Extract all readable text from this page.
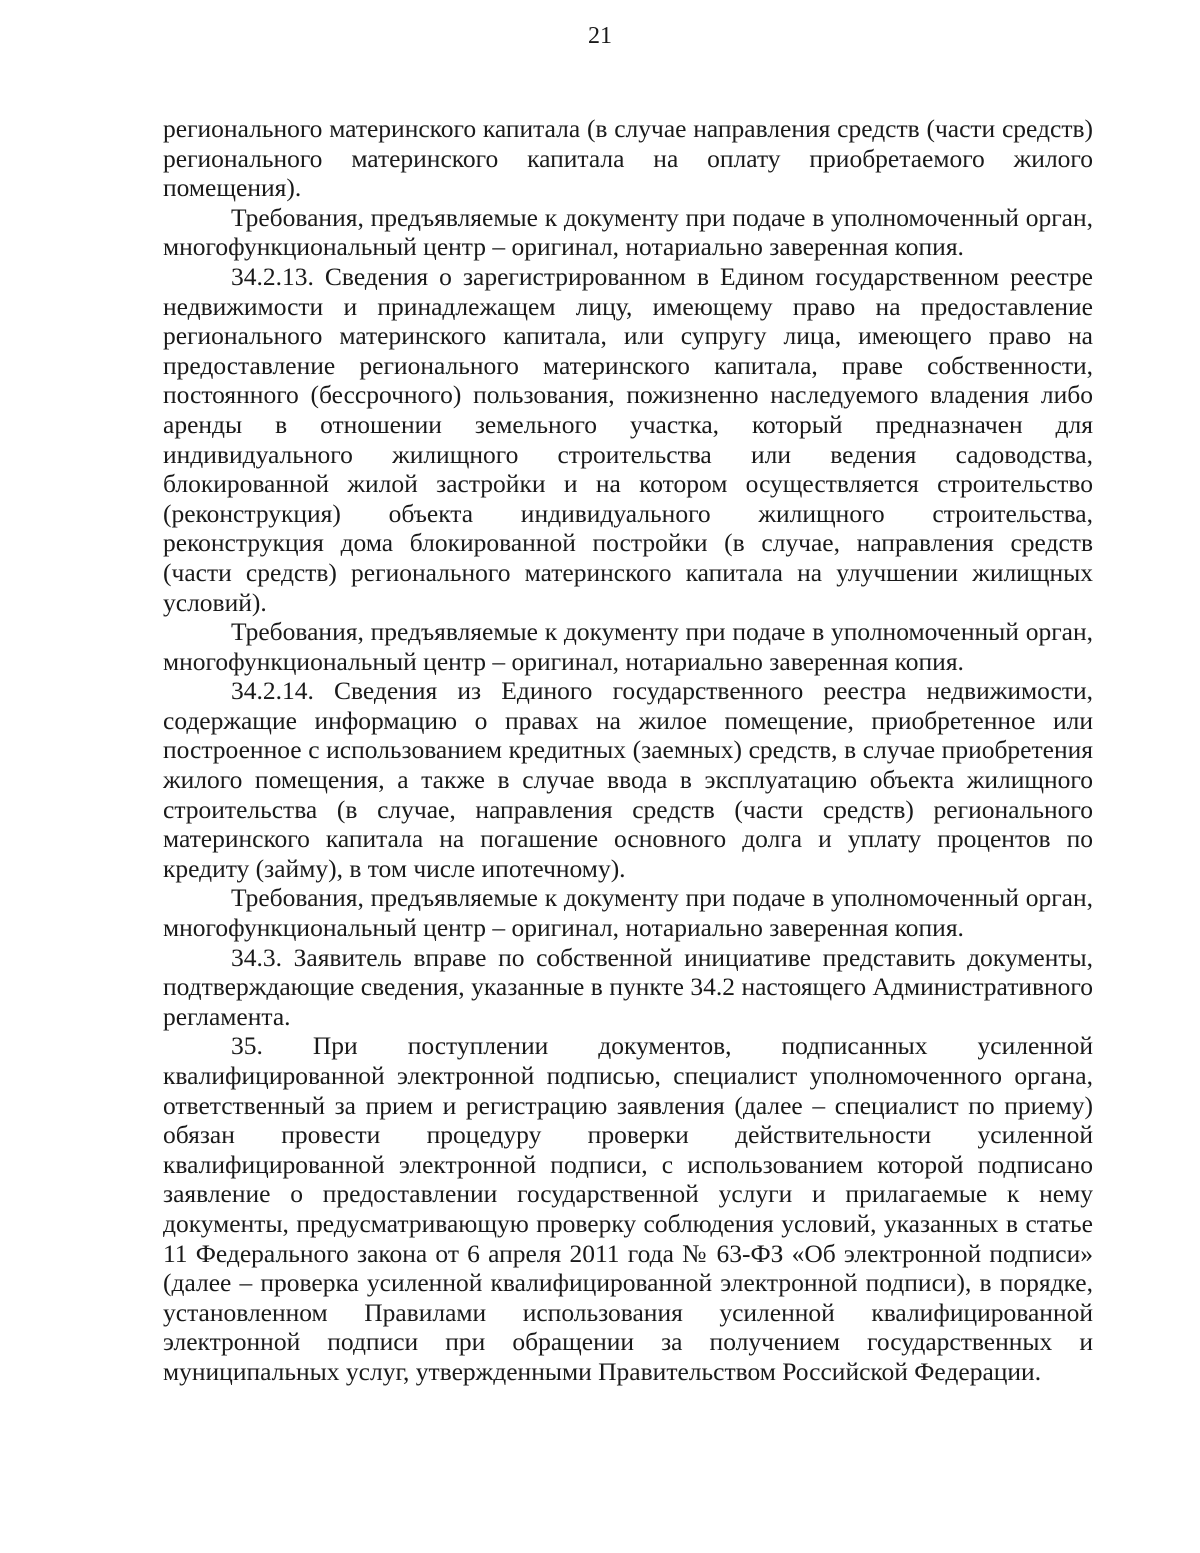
21

регионального материнского капитала (в случае направления средств (части средств) регионального материнского капитала на оплату приобретаемого жилого помещения).

Требования, предъявляемые к документу при подаче в уполномоченный орган, многофункциональный центр – оригинал, нотариально заверенная копия.

34.2.13. Сведения о зарегистрированном в Едином государственном реестре недвижимости и принадлежащем лицу, имеющему право на предоставление регионального материнского капитала, или супругу лица, имеющего право на предоставление регионального материнского капитала, праве собственности, постоянного (бессрочного) пользования, пожизненно наследуемого владения либо аренды в отношении земельного участка, который предназначен для индивидуального жилищного строительства или ведения садоводства, блокированной жилой застройки и на котором осуществляется строительство (реконструкция) объекта индивидуального жилищного строительства, реконструкция дома блокированной постройки (в случае, направления средств (части средств) регионального материнского капитала на улучшении жилищных условий).

Требования, предъявляемые к документу при подаче в уполномоченный орган, многофункциональный центр – оригинал, нотариально заверенная копия.

34.2.14. Сведения из Единого государственного реестра недвижимости, содержащие информацию о правах на жилое помещение, приобретенное или построенное с использованием кредитных (заемных) средств, в случае приобретения жилого помещения, а также в случае ввода в эксплуатацию объекта жилищного строительства (в случае, направления средств (части средств) регионального материнского капитала на погашение основного долга и уплату процентов по кредиту (займу), в том числе ипотечному).

Требования, предъявляемые к документу при подаче в уполномоченный орган, многофункциональный центр – оригинал, нотариально заверенная копия.

34.3. Заявитель вправе по собственной инициативе представить документы, подтверждающие сведения, указанные в пункте 34.2 настоящего Административного регламента.

35. При поступлении документов, подписанных усиленной квалифицированной электронной подписью, специалист уполномоченного органа, ответственный за прием и регистрацию заявления (далее – специалист по приему) обязан провести процедуру проверки действительности усиленной квалифицированной электронной подписи, с использованием которой подписано заявление о предоставлении государственной услуги и прилагаемые к нему документы, предусматривающую проверку соблюдения условий, указанных в статье 11 Федерального закона от 6 апреля 2011 года № 63-ФЗ «Об электронной подписи» (далее – проверка усиленной квалифицированной электронной подписи), в порядке, установленном Правилами использования усиленной квалифицированной электронной подписи при обращении за получением государственных и муниципальных услуг, утвержденными Правительством Российской Федерации.
